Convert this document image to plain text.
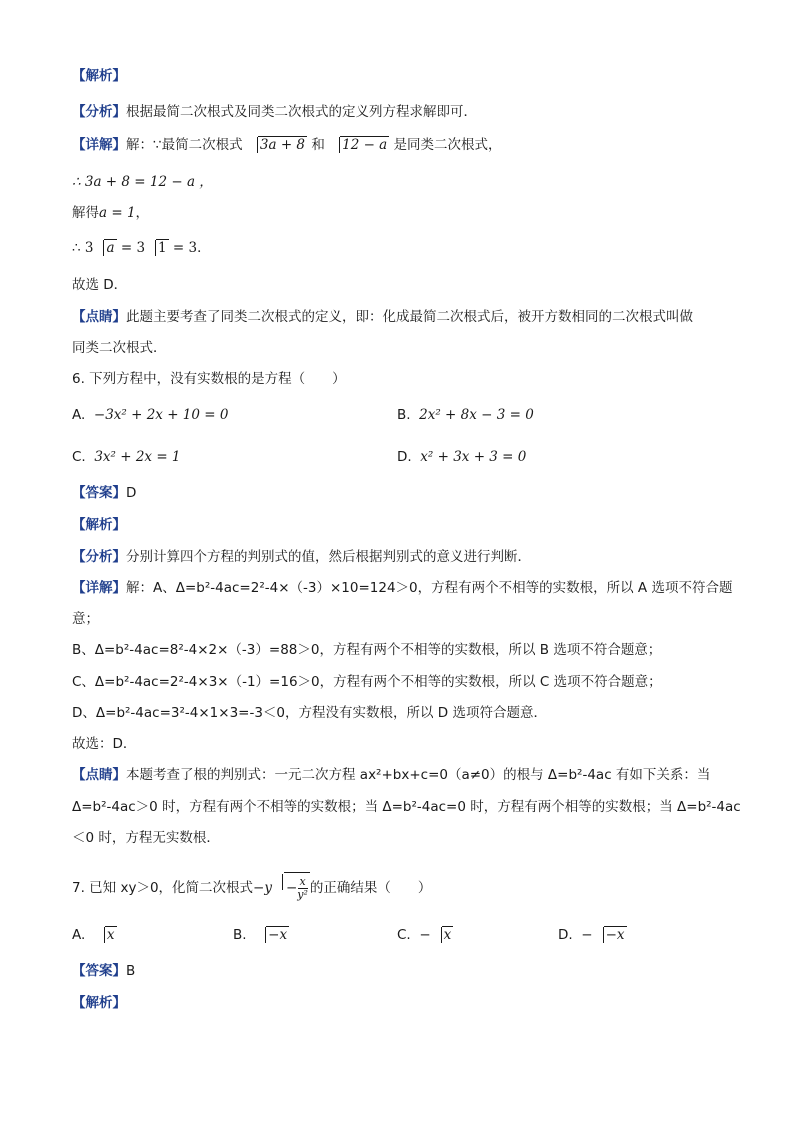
【解析】
【分析】根据最简二次根式及同类二次根式的定义列方程求解即可．
【详解】解：∵最简二次根式 3a + 8 和 12 − a 是同类二次根式，
∴ 3a + 8 = 12 − a ，
解得a = 1，
∴ 3 a = 3 1 = 3．
故选 D．
【点睛】此题主要考查了同类二次根式的定义，即：化成最简二次根式后，被开方数相同的二次根式叫做
同类二次根式．
6. 下列方程中，没有实数根的是方程（　　）
A. −3x² + 2x + 10 = 0	B. 2x² + 8x − 3 = 0
C. 3x² + 2x = 1	D. x² + 3x + 3 = 0
【答案】D
【解析】
【分析】分别计算四个方程的判别式的值，然后根据判别式的意义进行判断．
【详解】解：A、Δ=b²-4ac=2²-4×（-3）×10=124＞0，方程有两个不相等的实数根，所以 A 选项不符合题
意；
B、Δ=b²-4ac=8²-4×2×（-3）=88＞0，方程有两个不相等的实数根，所以 B 选项不符合题意；
C、Δ=b²-4ac=2²-4×3×（-1）=16＞0，方程有两个不相等的实数根，所以 C 选项不符合题意；
D、Δ=b²-4ac=3²-4×1×3=-3＜0，方程没有实数根，所以 D 选项符合题意．
故选：D．
【点睛】本题考查了根的判别式：一元二次方程 ax²+bx+c=0（a≠0）的根与 Δ=b²-4ac 有如下关系：当
Δ=b²-4ac＞0 时，方程有两个不相等的实数根；当 Δ=b²-4ac=0 时，方程有两个相等的实数根；当 Δ=b²-4ac
＜0 时，方程无实数根．
7. 已知 xy＞0，化简二次根式$-y - \frac{x}{\text{y²}}$ 的正确结果（　　）
A. x	B. −x	C. − x	D. − −x
【答案】B
【解析】
